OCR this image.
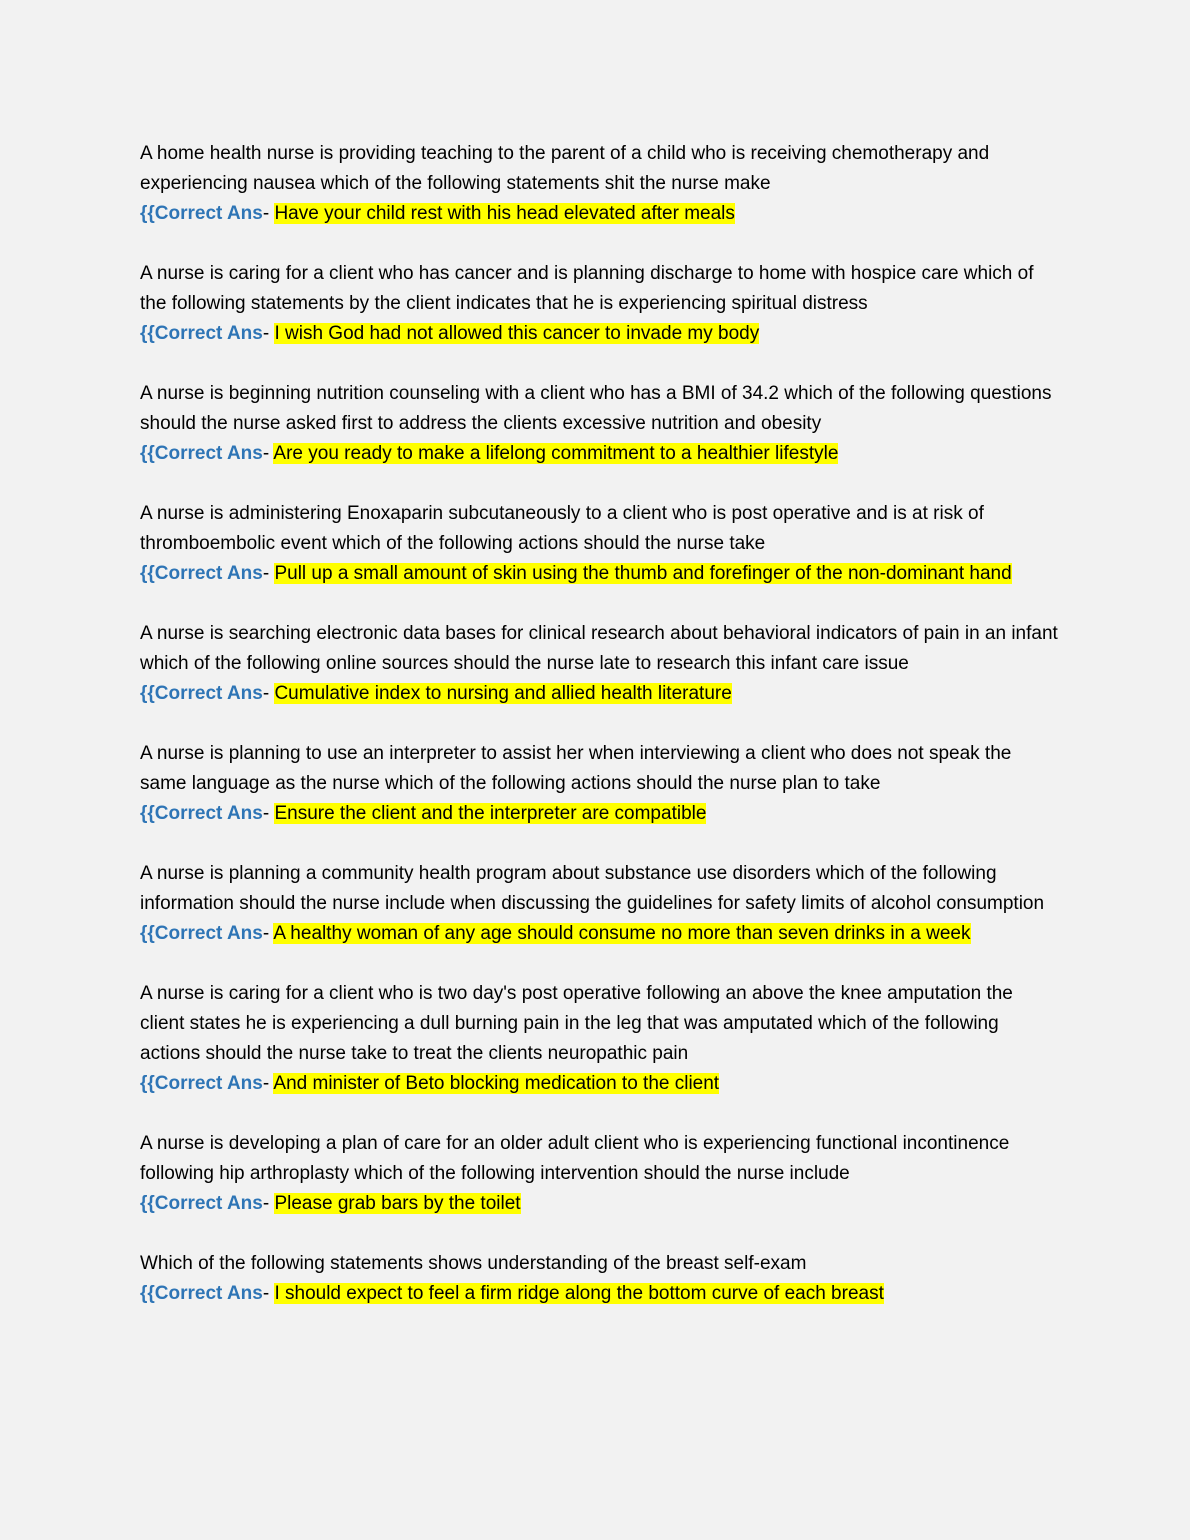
A home health nurse is providing teaching to the parent of a child who is receiving chemotherapy and experiencing nausea which of the following statements shit the nurse make

{{Correct Ans- Have your child rest with his head elevated after meals

A nurse is caring for a client who has cancer and is planning discharge to home with hospice care which of the following statements by the client indicates that he is experiencing spiritual distress

{{Correct Ans- I wish God had not allowed this cancer to invade my body

A nurse is beginning nutrition counseling with a client who has a BMI of 34.2 which of the following questions should the nurse asked first to address the clients excessive nutrition and obesity

{{Correct Ans- Are you ready to make a lifelong commitment to a healthier lifestyle

A nurse is administering Enoxaparin subcutaneously to a client who is post operative and is at risk of thromboembolic event which of the following actions should the nurse take

{{Correct Ans- Pull up a small amount of skin using the thumb and forefinger of the non-dominant hand

A nurse is searching electronic data bases for clinical research about behavioral indicators of pain in an infant which of the following online sources should the nurse late to research this infant care issue

{{Correct Ans- Cumulative index to nursing and allied health literature

A nurse is planning to use an interpreter to assist her when interviewing a client who does not speak the same language as the nurse which of the following actions should the nurse plan to take

{{Correct Ans- Ensure the client and the interpreter are compatible

A nurse is planning a community health program about substance use disorders which of the following information should the nurse include when discussing the guidelines for safety limits of alcohol consumption

{{Correct Ans- A healthy woman of any age should consume no more than seven drinks in a week

A nurse is caring for a client who is two day's post operative following an above the knee amputation the client states he is experiencing a dull burning pain in the leg that was amputated which of the following actions should the nurse take to treat the clients neuropathic pain

{{Correct Ans- And minister of Beto blocking medication to the client

A nurse is developing a plan of care for an older adult client who is experiencing functional incontinence following hip arthroplasty which of the following intervention should the nurse include

{{Correct Ans- Please grab bars by the toilet

Which of the following statements shows understanding of the breast self-exam

{{Correct Ans- I should expect to feel a firm ridge along the bottom curve of each breast
